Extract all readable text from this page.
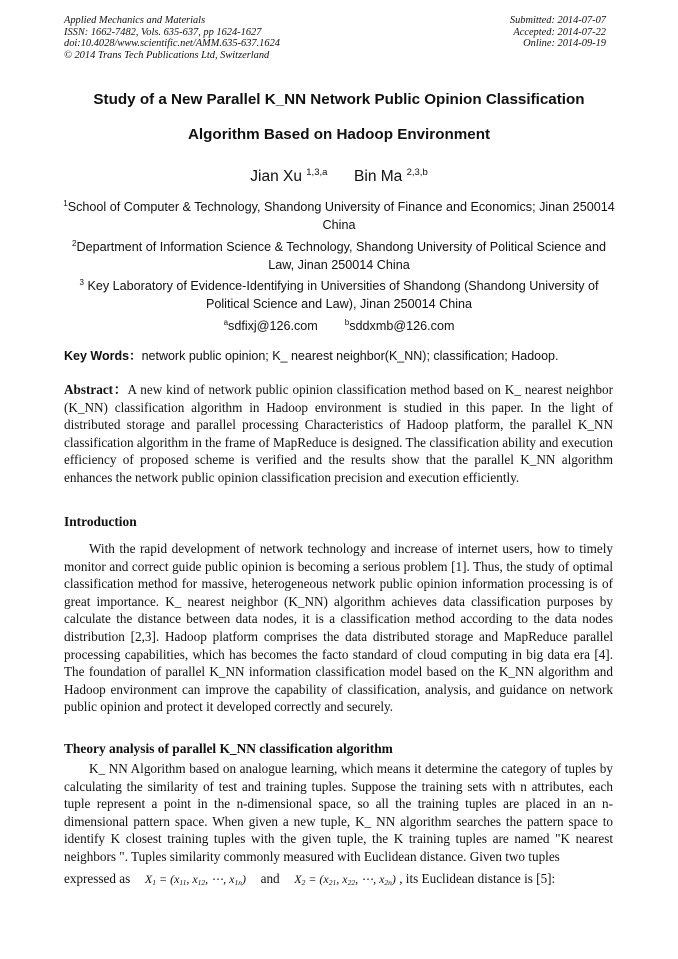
Applied Mechanics and Materials
ISSN: 1662-7482, Vols. 635-637, pp 1624-1627
doi:10.4028/www.scientific.net/AMM.635-637.1624
© 2014 Trans Tech Publications Ltd, Switzerland
Submitted: 2014-07-07
Accepted: 2014-07-22
Online: 2014-09-19
Study of a New Parallel K_NN Network Public Opinion Classification
Algorithm Based on Hadoop Environment
Jian Xu $^{1,3,a}$ Bin Ma $^{2,3,b}$
$^1$School of Computer & Technology, Shandong University of Finance and Economics; Jinan 250014 China
$^2$Department of Information Science & Technology, Shandong University of Political Science and Law, Jinan 250014 China
$^3$ Key Laboratory of Evidence-Identifying in Universities of Shandong (Shandong University of Political Science and Law), Jinan 250014 China
$^a$sdfixj@126.com	$^b$sddxmb@126.com
Key Words：network public opinion; K_ nearest neighbor(K_NN); classification; Hadoop.
Abstract：A new kind of network public opinion classification method based on K_ nearest neighbor (K_NN) classification algorithm in Hadoop environment is studied in this paper. In the light of distributed storage and parallel processing Characteristics of Hadoop platform, the parallel K_NN classification algorithm in the frame of MapReduce is designed. The classification ability and execution efficiency of proposed scheme is verified and the results show that the parallel K_NN algorithm enhances the network public opinion classification precision and execution efficiently.
Introduction
With the rapid development of network technology and increase of internet users, how to timely monitor and correct guide public opinion is becoming a serious problem [1]. Thus, the study of optimal classification method for massive, heterogeneous network public opinion information processing is of great importance. K_ nearest neighbor (K_NN) algorithm achieves data classification purposes by calculate the distance between data nodes, it is a classification method according to the data nodes distribution [2,3]. Hadoop platform comprises the data distributed storage and MapReduce parallel processing capabilities, which has becomes the facto standard of cloud computing in big data era [4]. The foundation of parallel K_NN information classification model based on the K_NN algorithm and Hadoop environment can improve the capability of classification, analysis, and guidance on network public opinion and protect it developed correctly and securely.
Theory analysis of parallel K_NN classification algorithm
K_ NN Algorithm based on analogue learning, which means it determine the category of tuples by calculating the similarity of test and training tuples. Suppose the training sets with n attributes, each tuple represent a point in the n-dimensional space, so all the training tuples are placed in an n-dimensional pattern space. When given a new tuple, K_ NN algorithm searches the pattern space to identify K closest training tuples with the given tuple, the K training tuples are named "K nearest neighbors ". Tuples similarity commonly measured with Euclidean distance. Given two tuples
expressed as $X_1 = (x_{11}$, $x_{12}$, ⋯, $x_{1n}$) and $X_2 = (x_{21}$, $x_{22}$, ⋯, $x_{2n}$) , its Euclidean distance is [5]:
